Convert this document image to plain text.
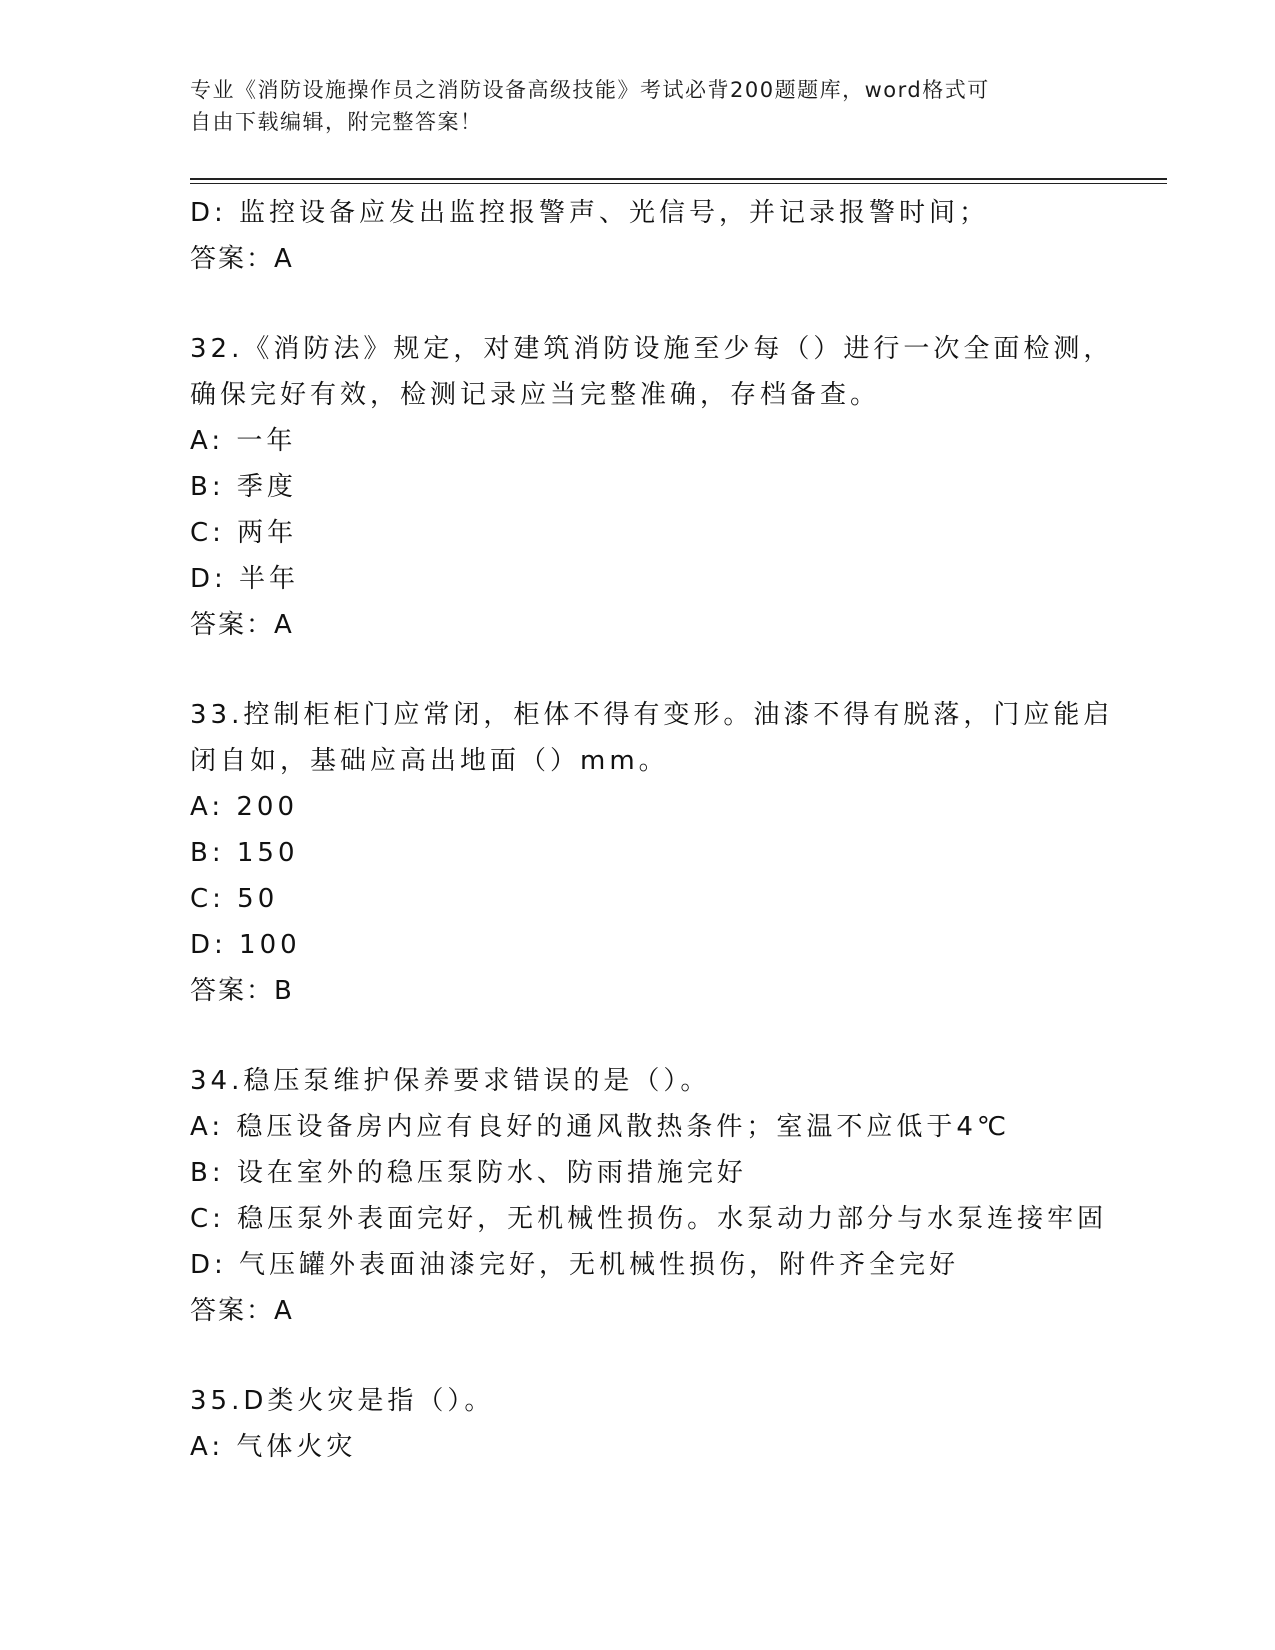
专业《消防设施操作员之消防设备高级技能》考试必背200题题库，word格式可
自由下载编辑，附完整答案！
D: 监控设备应发出监控报警声、光信号，并记录报警时间；
答案：A
32.《消防法》规定，对建筑消防设施至少每（）进行一次全面检测，
确保完好有效，检测记录应当完整准确，存档备查。
A: 一年
B: 季度
C: 两年
D: 半年
答案：A
33.控制柜柜门应常闭，柜体不得有变形。油漆不得有脱落，门应能启
闭自如，基础应高出地面（）mm。
A: 200
B: 150
C: 50
D: 100
答案：B
34.稳压泵维护保养要求错误的是（）。
A: 稳压设备房内应有良好的通风散热条件；室温不应低于4℃
B: 设在室外的稳压泵防水、防雨措施完好
C: 稳压泵外表面完好，无机械性损伤。水泵动力部分与水泵连接牢固
D: 气压罐外表面油漆完好，无机械性损伤，附件齐全完好
答案：A
35.D类火灾是指（）。
A: 气体火灾
